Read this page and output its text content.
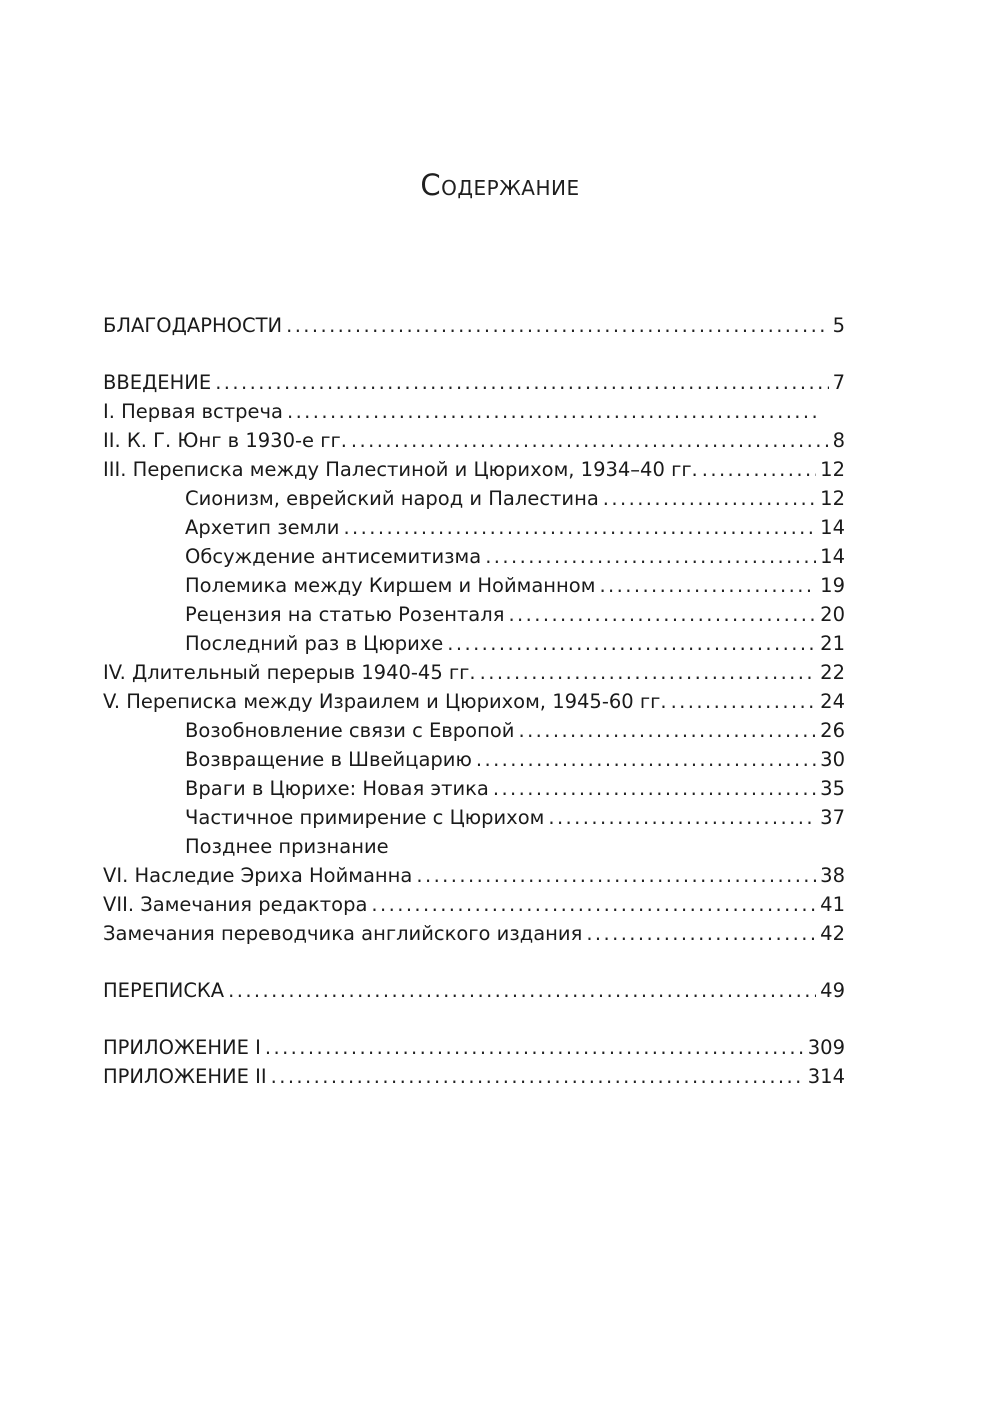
Содержание
БЛАГОДАРНОСТИ .....	5
ВВЕДЕНИЕ .....	7
I. Первая встреча
.....
II. К. Г. Юнг в 1930-е гг. .....	8
III. Переписка между Палестиной и Цюрихом, 1934–40 гг. .....	12
Сионизм, еврейский народ и Палестина .....	12
Архетип земли .....	14
Обсуждение антисемитизма .....	14
Полемика между Киршем и Нойманном .....	19
Рецензия на статью Розенталя .....	20
Последний раз в Цюрихе .....	21
IV. Длительный перерыв 1940-45 гг. .....	22
V. Переписка между Израилем и Цюрихом, 1945-60 гг. .....	24
Возобновление связи с Европой .....	26
Возвращение в Швейцарию .....	30
Враги в Цюрихе: Новая этика .....	35
Частичное примирение с Цюрихом .....	37
Позднее признание
VI. Наследие Эриха Нойманна .....	38
VII. Замечания редактора .....	41
Замечания переводчика английского издания .....	42
ПЕРЕПИСКА .....	49
ПРИЛОЖЕНИЕ I .....	309
ПРИЛОЖЕНИЕ II .....	314
